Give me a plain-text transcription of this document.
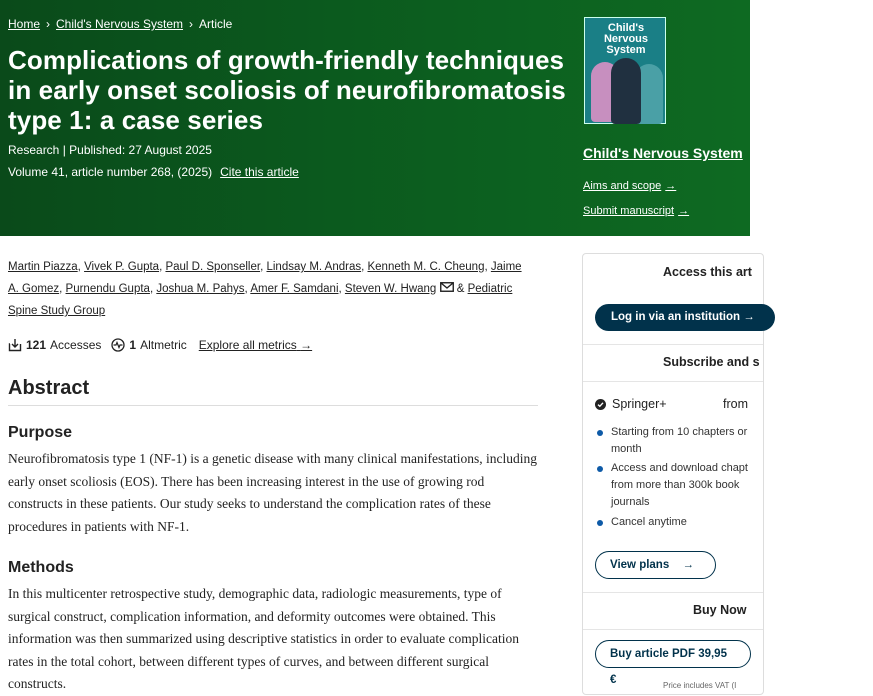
Home › Child's Nervous System › Article
Complications of growth-friendly techniques in early onset scoliosis of neurofibromatosis type 1: a case series
Research | Published: 27 August 2025
Volume 41, article number 268, (2025) Cite this article
Child's Nervous System
Child's Nervous System
Aims and scope →
Submit manuscript →
Martin Piazza, Vivek P. Gupta, Paul D. Sponseller, Lindsay M. Andras, Kenneth M. C. Cheung, Jaime A. Gomez, Purnendu Gupta, Joshua M. Pahys, Amer F. Samdani, Steven W. Hwang & Pediatric Spine Study Group
121 Accesses 1 Altmetric Explore all metrics →
Abstract
Purpose
Neurofibromatosis type 1 (NF-1) is a genetic disease with many clinical manifestations, including early onset scoliosis (EOS). There has been increasing interest in the use of growing rod constructs in these patients. Our study seeks to understand the complication rates of these procedures in patients with NF-1.
Methods
In this multicenter retrospective study, demographic data, radiologic measurements, type of surgical construct, complication information, and deformity outcomes were obtained. This information was then summarized using descriptive statistics in order to evaluate complication rates in the total cohort, between different types of curves, and between different surgical constructs.
Access this art
Log in via an institution →
Subscribe and s
Springer+	from
Starting from 10 chapters or month
Access and download chapt from more than 300k book journals
Cancel anytime
View plans →
Buy Now
Buy article PDF 39,95 €	Price includes VAT (I
